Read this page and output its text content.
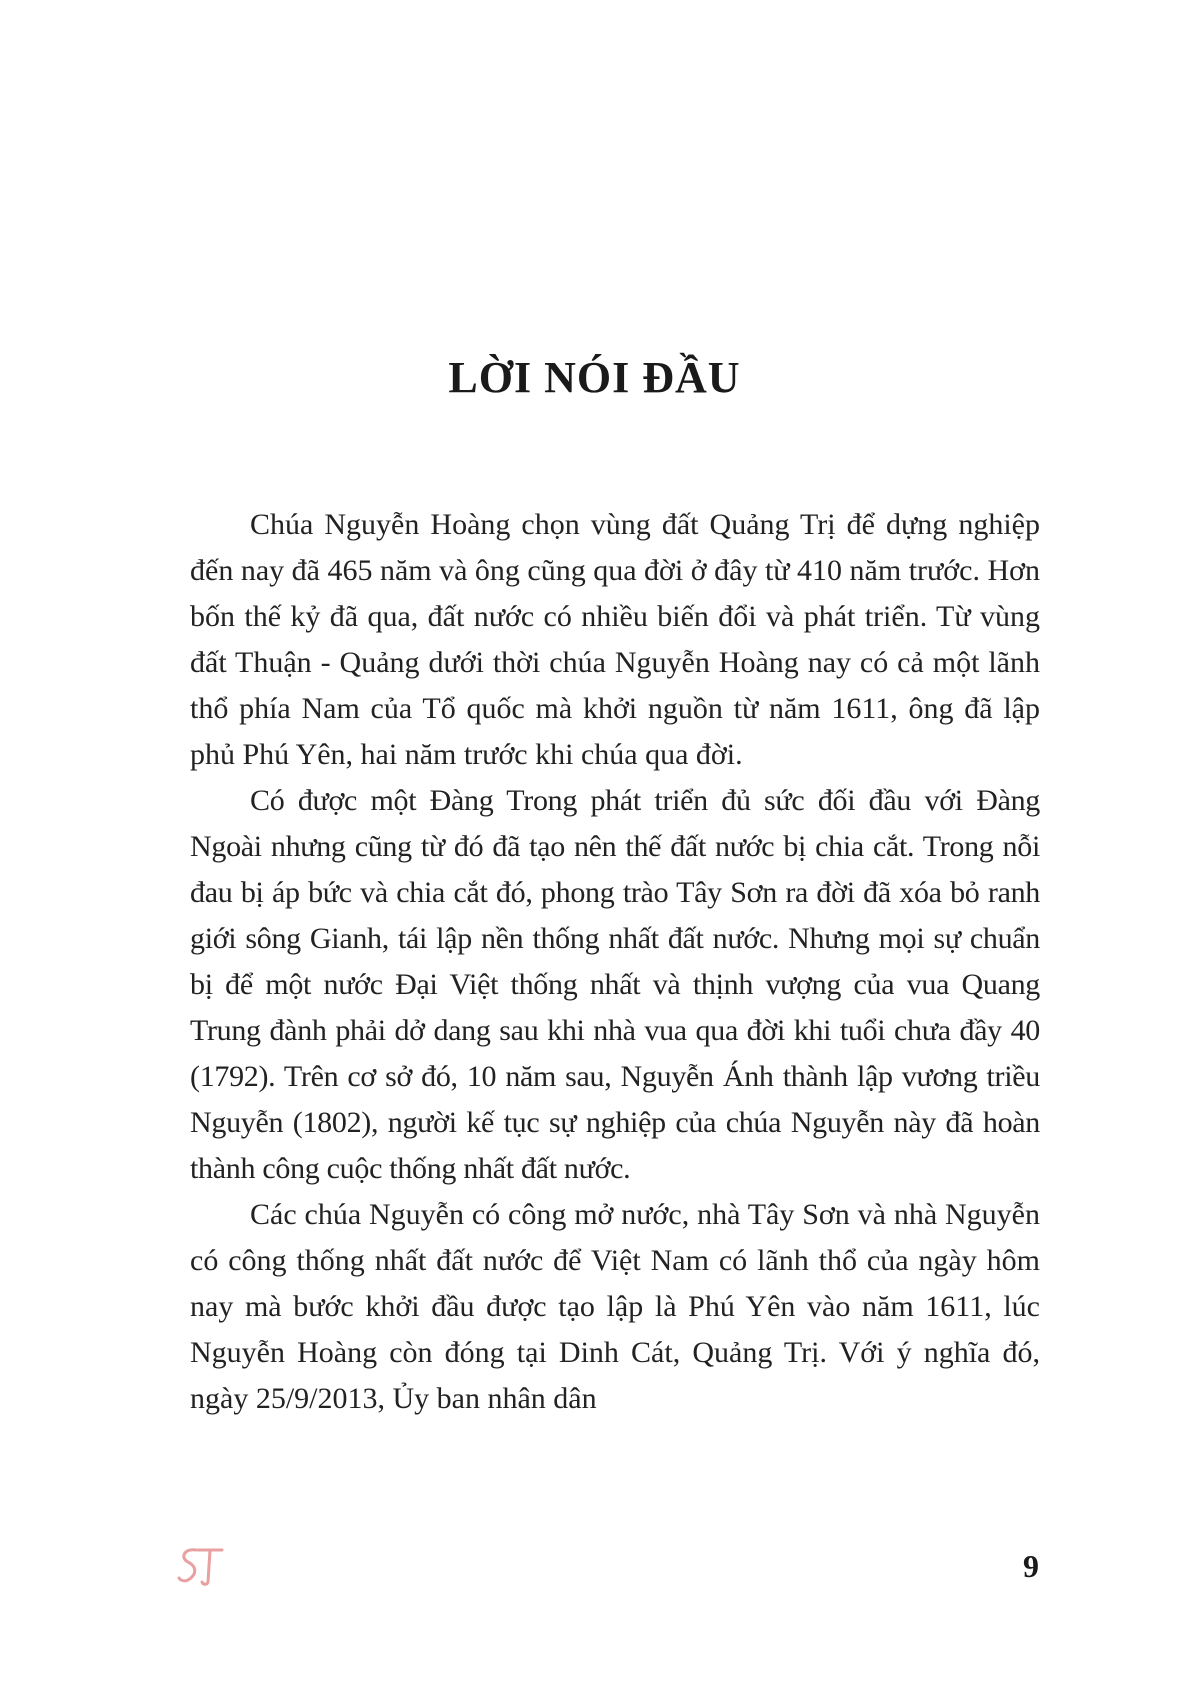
LỜI NÓI ĐẦU

Chúa Nguyễn Hoàng chọn vùng đất Quảng Trị để dựng nghiệp đến nay đã 465 năm và ông cũng qua đời ở đây từ 410 năm trước. Hơn bốn thế kỷ đã qua, đất nước có nhiều biến đổi và phát triển. Từ vùng đất Thuận - Quảng dưới thời chúa Nguyễn Hoàng nay có cả một lãnh thổ phía Nam của Tổ quốc mà khởi nguồn từ năm 1611, ông đã lập phủ Phú Yên, hai năm trước khi chúa qua đời.

Có được một Đàng Trong phát triển đủ sức đối đầu với Đàng Ngoài nhưng cũng từ đó đã tạo nên thế đất nước bị chia cắt. Trong nỗi đau bị áp bức và chia cắt đó, phong trào Tây Sơn ra đời đã xóa bỏ ranh giới sông Gianh, tái lập nền thống nhất đất nước. Nhưng mọi sự chuẩn bị để một nước Đại Việt thống nhất và thịnh vượng của vua Quang Trung đành phải dở dang sau khi nhà vua qua đời khi tuổi chưa đầy 40 (1792). Trên cơ sở đó, 10 năm sau, Nguyễn Ánh thành lập vương triều Nguyễn (1802), người kế tục sự nghiệp của chúa Nguyễn này đã hoàn thành công cuộc thống nhất đất nước.

Các chúa Nguyễn có công mở nước, nhà Tây Sơn và nhà Nguyễn có công thống nhất đất nước để Việt Nam có lãnh thổ của ngày hôm nay mà bước khởi đầu được tạo lập là Phú Yên vào năm 1611, lúc Nguyễn Hoàng còn đóng tại Dinh Cát, Quảng Trị. Với ý nghĩa đó, ngày 25/9/2013, Ủy ban nhân dân

9
